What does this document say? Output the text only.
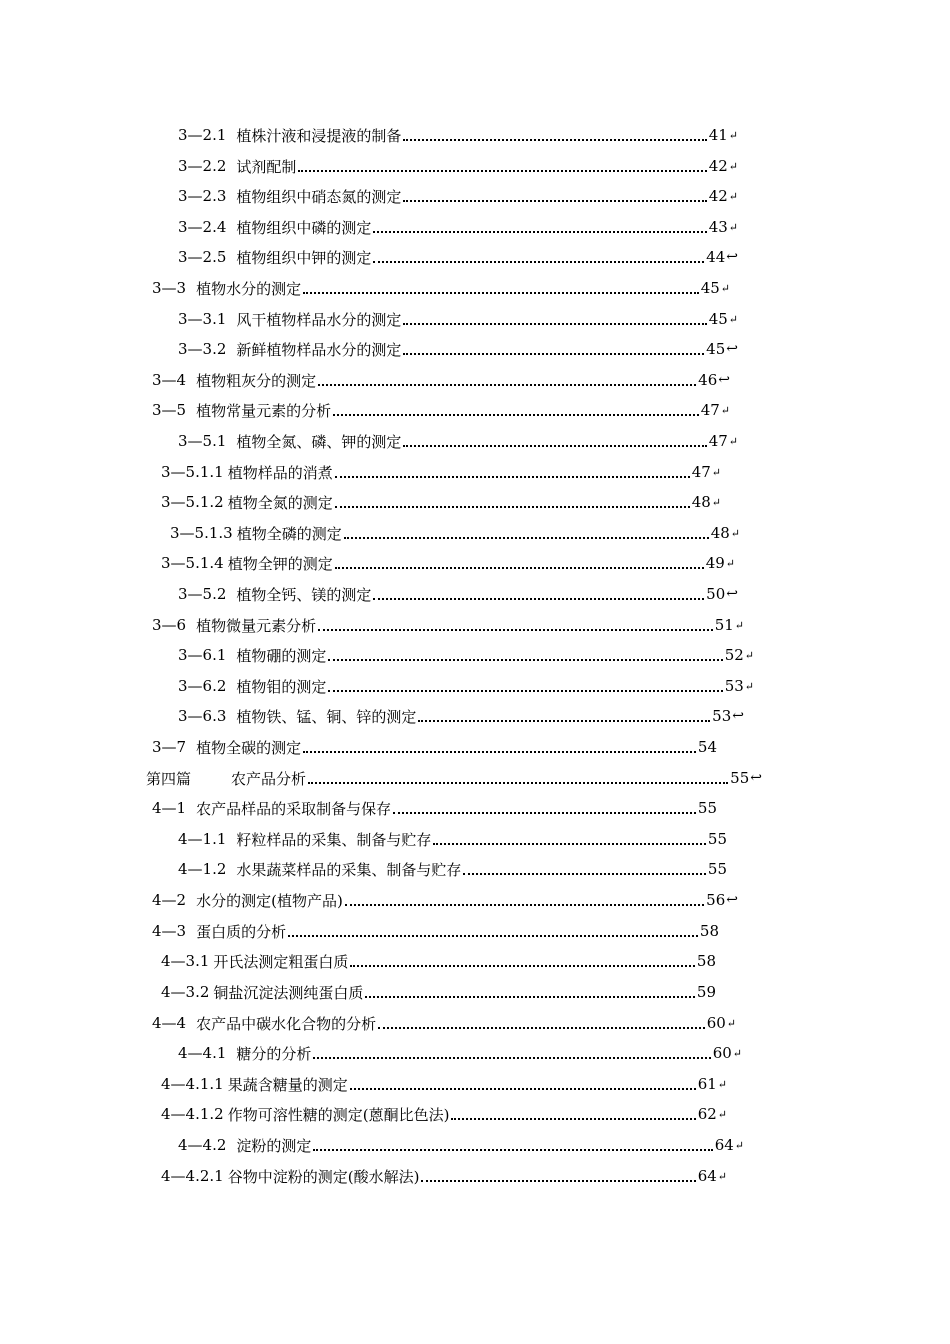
3—2.1 植株汁液和浸提液的制备	41 ↵
3—2.2 试剂配制	42 ↵
3—2.3 植物组织中硝态氮的测定	42 ↵
3—2.4 植物组织中磷的测定	43 ↵
3—2.5 植物组织中钾的测定	44 ↩
3—3 植物水分的测定	45 ↵
3—3.1 风干植物样品水分的测定	45 ↵
3—3.2 新鲜植物样品水分的测定	45 ↩
3—4 植物粗灰分的测定	46 ↩
3—5 植物常量元素的分析	47 ↵
3—5.1 植物全氮、磷、钾的测定	47 ↵
3—5.1.1 植物样品的消煮	47 ↵
3—5.1.2 植物全氮的测定	48 ↵
3—5.1.3 植物全磷的测定	48 ↵
3—5.1.4 植物全钾的测定	49 ↵
3—5.2 植物全钙、镁的测定	50 ↩
3—6 植物微量元素分析	51 ↵
3—6.1 植物硼的测定	52 ↵
3—6.2 植物钼的测定	53 ↵
3—6.3 植物铁、锰、铜、锌的测定	53 ↩
3—7 植物全碳的测定	54
第四篇	农产品分析	55 ↩
4—1 农产品样品的采取制备与保存	55
4—1.1 籽粒样品的采集、制备与贮存	55
4—1.2 水果蔬菜样品的采集、制备与贮存	55
4—2 水分的测定(植物产品)	56 ↩
4—3 蛋白质的分析	58
4—3.1 开氏法测定粗蛋白质	58
4—3.2 铜盐沉淀法测纯蛋白质	59
4—4 农产品中碳水化合物的分析	60 ↵
4—4.1 糖分的分析	60 ↵
4—4.1.1 果蔬含糖量的测定	61 ↵
4—4.1.2 作物可溶性糖的测定(蒽酮比色法)	62 ↵
4—4.2 淀粉的测定	64 ↵
4—4.2.1 谷物中淀粉的测定(酸水解法)	64 ↵
